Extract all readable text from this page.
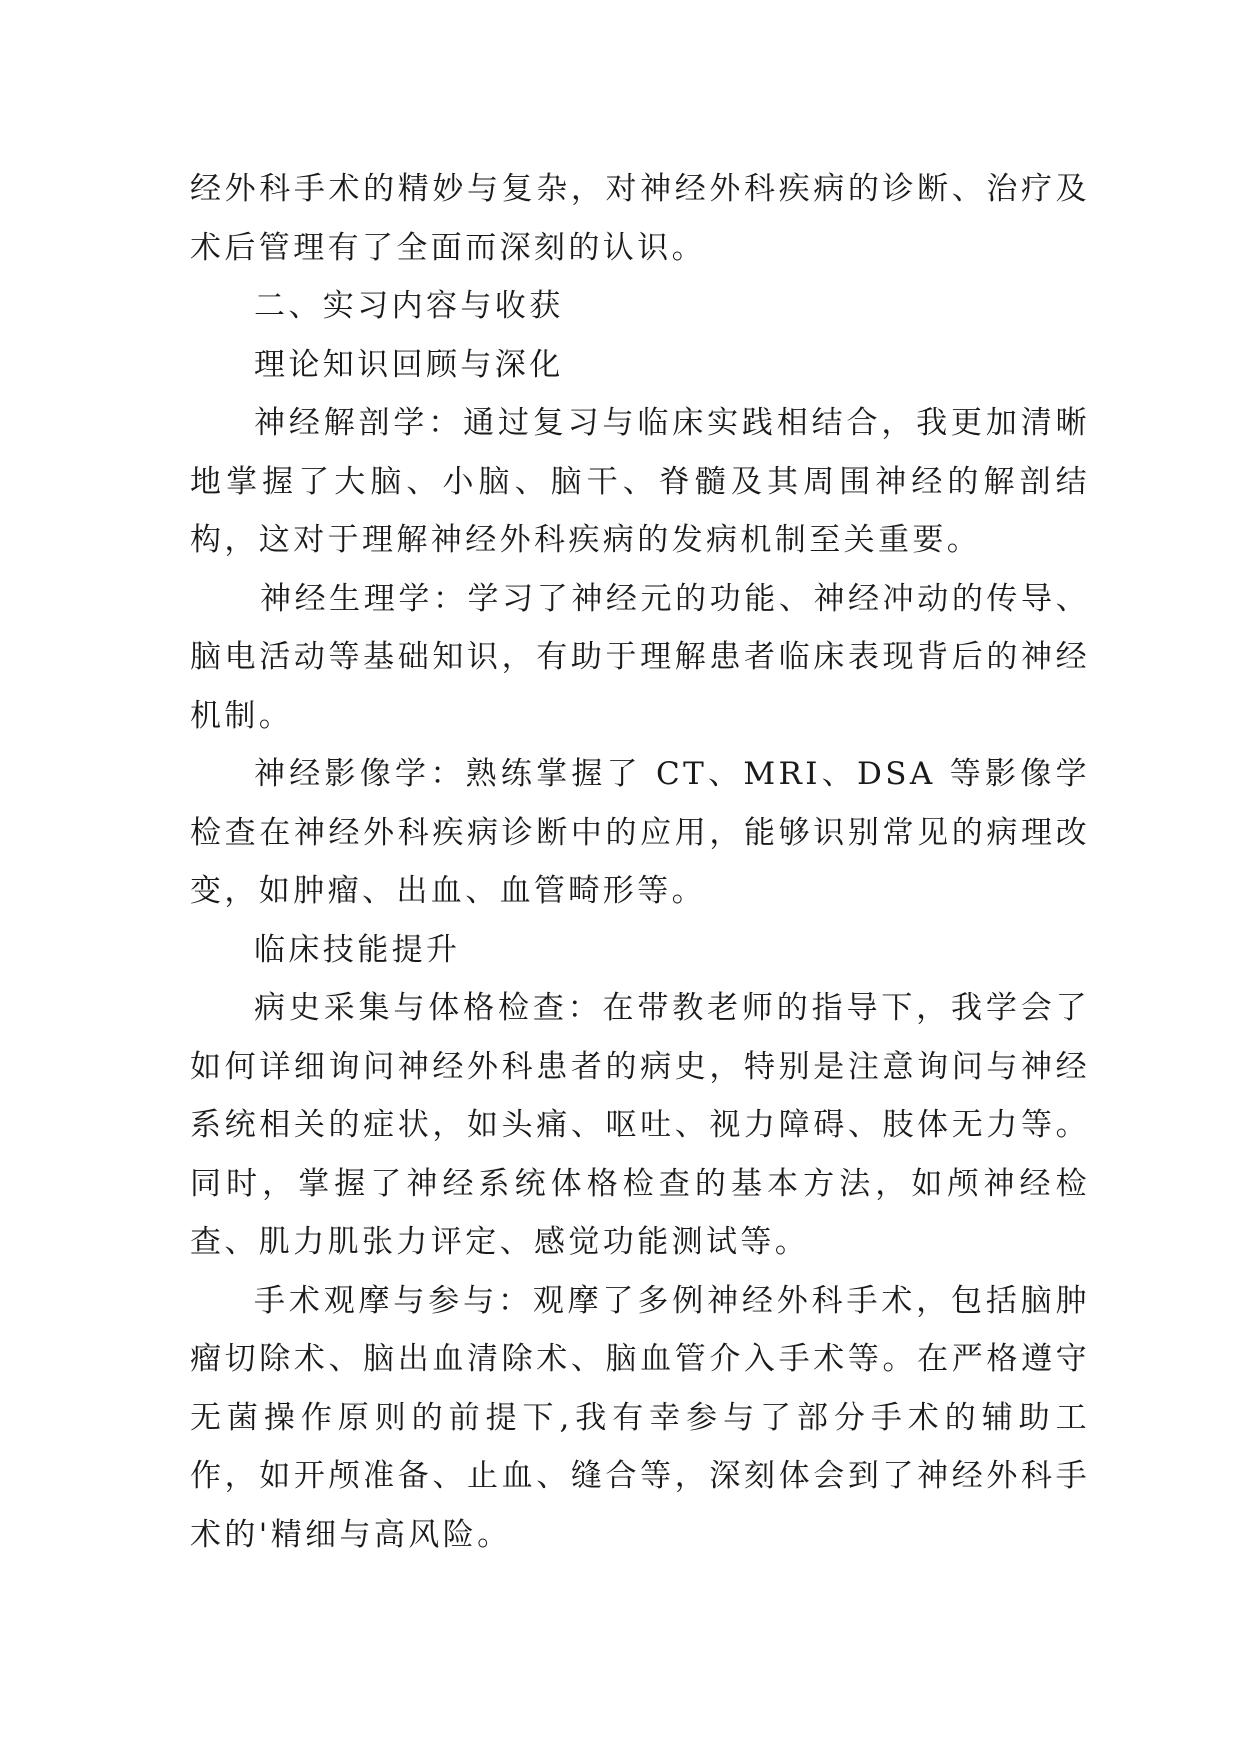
经外科手术的精妙与复杂，对神经外科疾病的诊断、治疗及术后管理有了全面而深刻的认识。

二、实习内容与收获

理论知识回顾与深化

神经解剖学：通过复习与临床实践相结合，我更加清晰地掌握了大脑、小脑、脑干、脊髓及其周围神经的解剖结构，这对于理解神经外科疾病的发病机制至关重要。

神经生理学：学习了神经元的功能、神经冲动的传导、脑电活动等基础知识，有助于理解患者临床表现背后的神经机制。

神经影像学：熟练掌握了 CT、MRI、DSA 等影像学检查在神经外科疾病诊断中的应用，能够识别常见的病理改变，如肿瘤、出血、血管畸形等。

临床技能提升

病史采集与体格检查：在带教老师的指导下，我学会了如何详细询问神经外科患者的病史，特别是注意询问与神经系统相关的症状，如头痛、呕吐、视力障碍、肢体无力等。同时，掌握了神经系统体格检查的基本方法，如颅神经检查、肌力肌张力评定、感觉功能测试等。

手术观摩与参与：观摩了多例神经外科手术，包括脑肿瘤切除术、脑出血清除术、脑血管介入手术等。在严格遵守无菌操作原则的前提下,我有幸参与了部分手术的辅助工作，如开颅准备、止血、缝合等，深刻体会到了神经外科手术的'精细与高风险。
